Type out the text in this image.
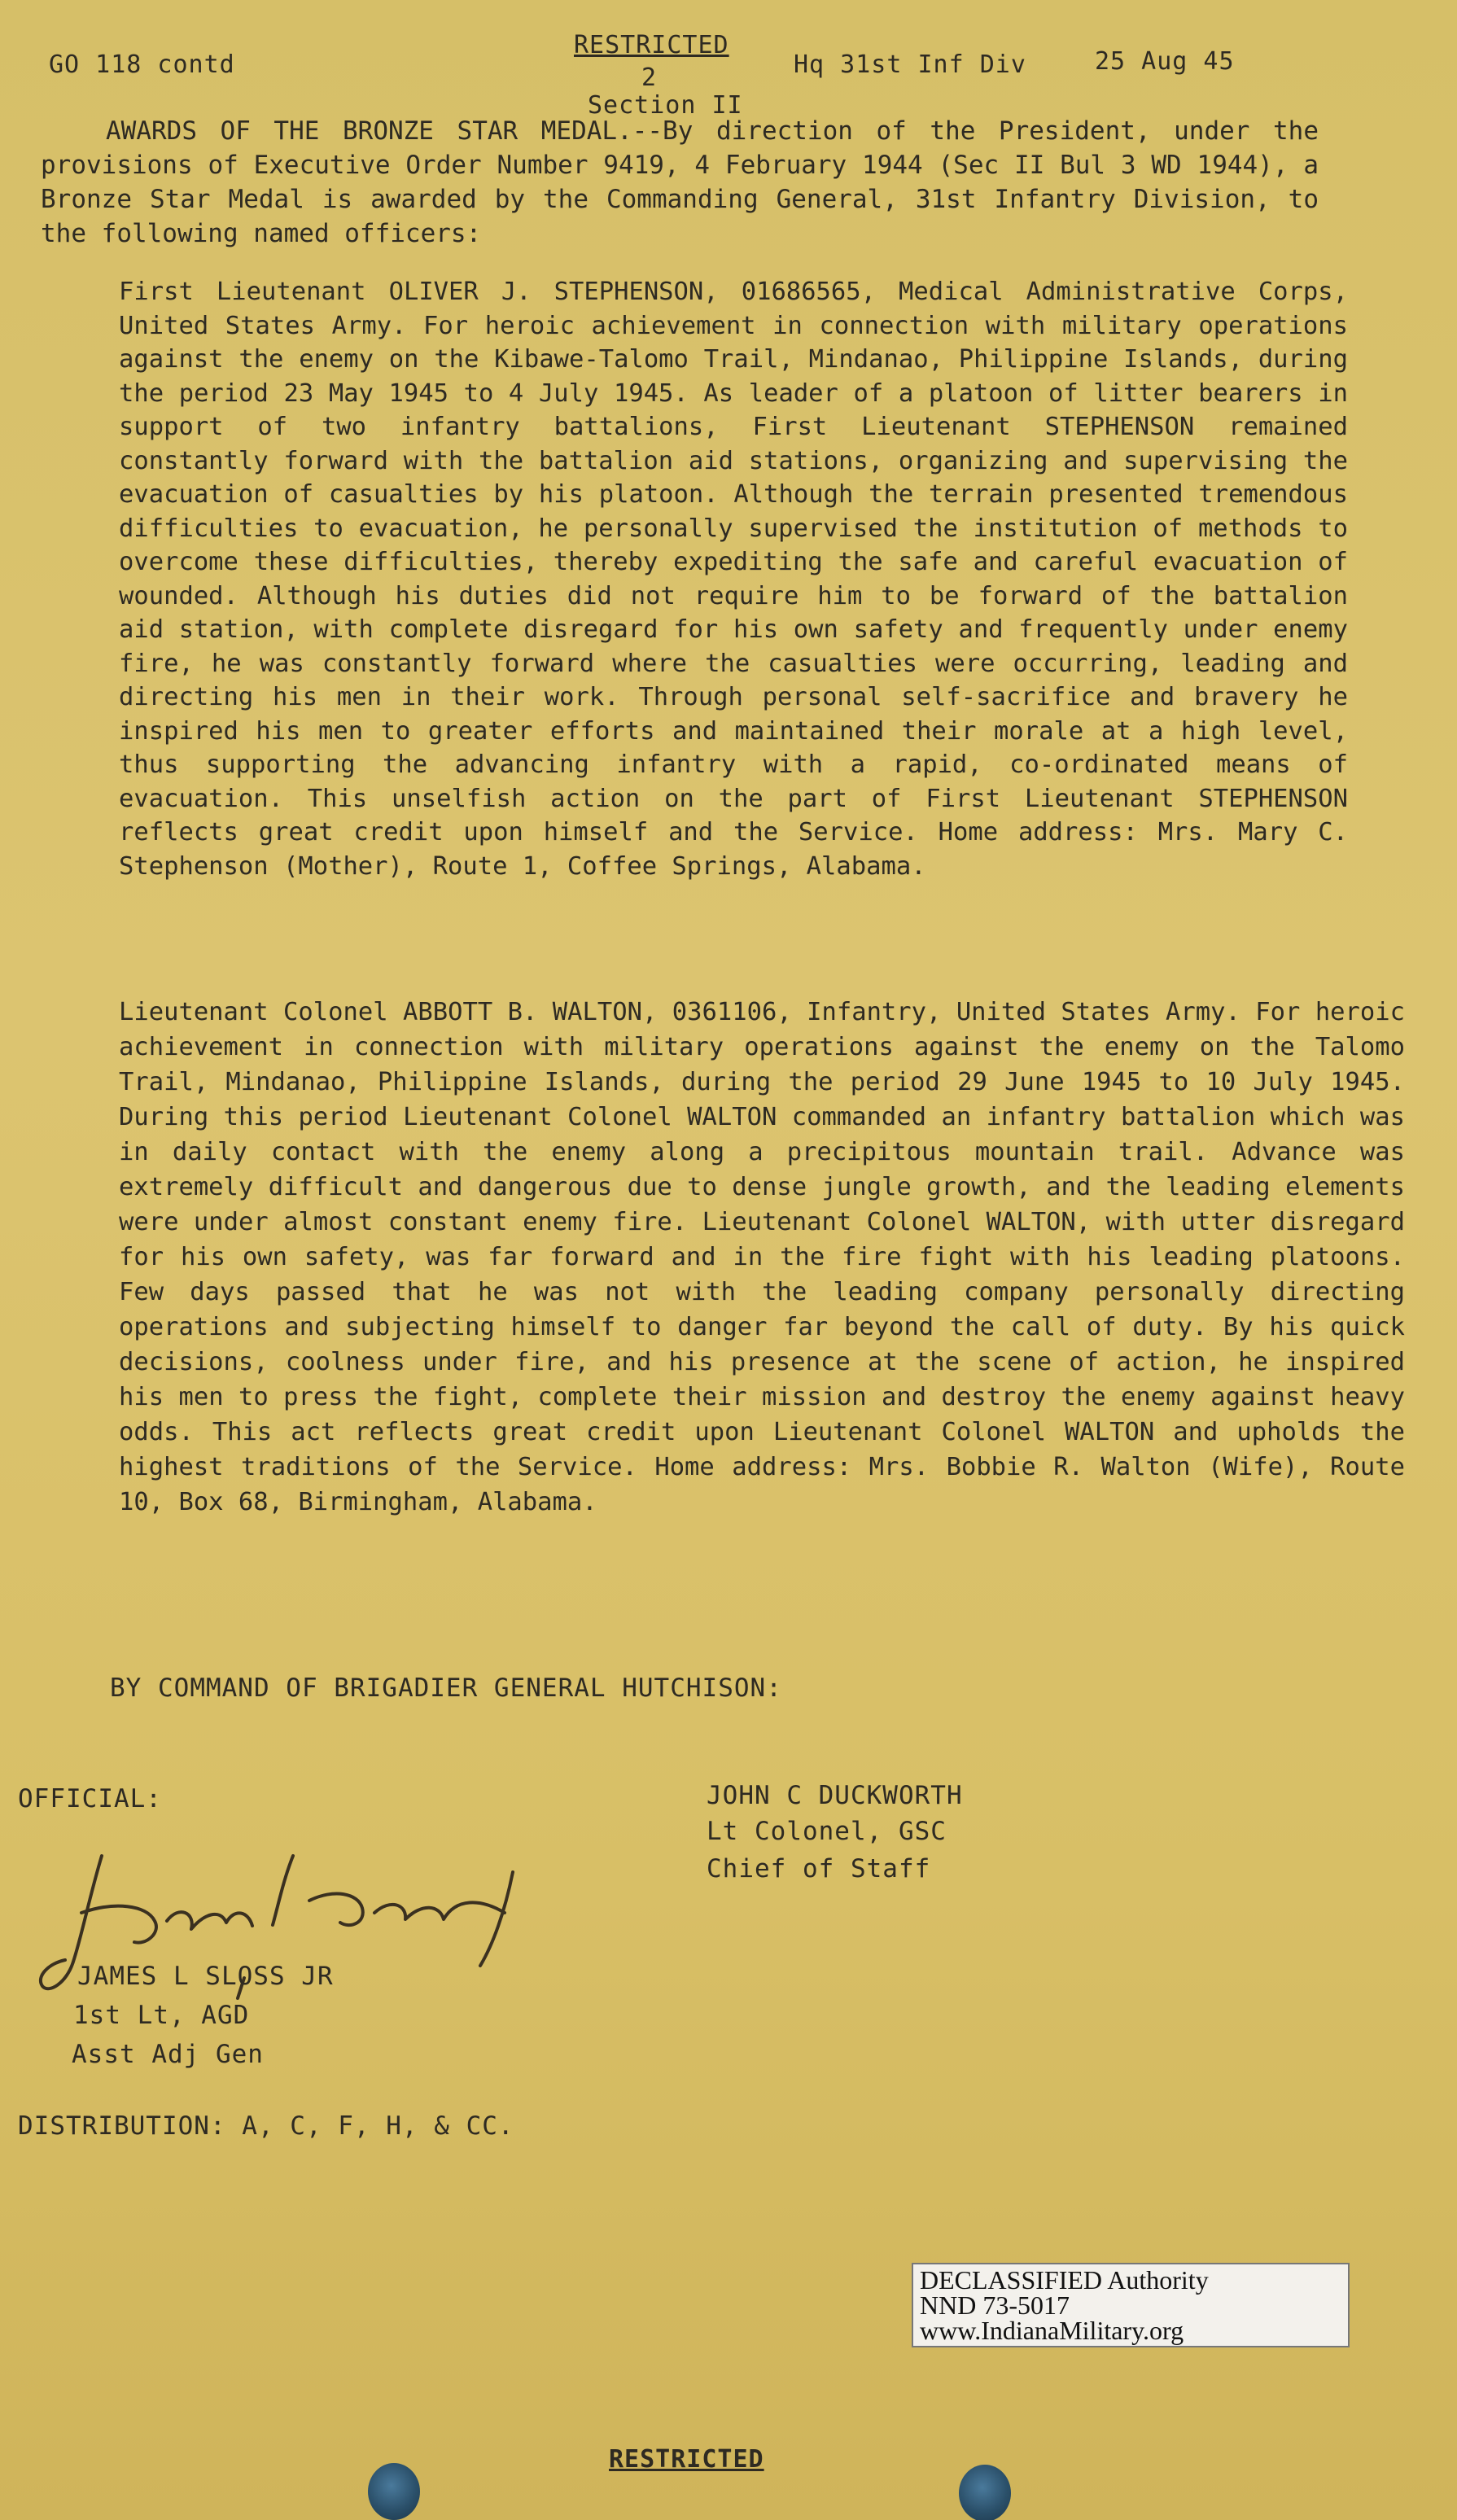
GO 118 contd
RESTRICTED
2	Hq 31st Inf Div	25 Aug 45
Section II

AWARDS OF THE BRONZE STAR MEDAL.--By direction of the President, under the provisions of Executive Order Number 9419, 4 February 1944 (Sec II Bul 3 WD 1944), a Bronze Star Medal is awarded by the Commanding General, 31st Infantry Division, to the following named officers:

First Lieutenant OLIVER J. STEPHENSON, 01686565, Medical Administrative Corps, United States Army. For heroic achievement in connection with military operations against the enemy on the Kibawe-Talomo Trail, Mindanao, Philippine Islands, during the period 23 May 1945 to 4 July 1945. As leader of a platoon of litter bearers in support of two infantry battalions, First Lieutenant STEPHENSON remained constantly forward with the battalion aid stations, organizing and supervising the evacuation of casualties by his platoon. Although the terrain presented tremendous difficulties to evacuation, he personally supervised the institution of methods to overcome these difficulties, thereby expediting the safe and careful evacuation of wounded. Although his duties did not require him to be forward of the battalion aid station, with complete disregard for his own safety and frequently under enemy fire, he was constantly forward where the casualties were occurring, leading and directing his men in their work. Through personal self-sacrifice and bravery he inspired his men to greater efforts and maintained their morale at a high level, thus supporting the advancing infantry with a rapid, co-ordinated means of evacuation. This unselfish action on the part of First Lieutenant STEPHENSON reflects great credit upon himself and the Service. Home address: Mrs. Mary C. Stephenson (Mother), Route 1, Coffee Springs, Alabama.

Lieutenant Colonel ABBOTT B. WALTON, 0361106, Infantry, United States Army. For heroic achievement in connection with military operations against the enemy on the Talomo Trail, Mindanao, Philippine Islands, during the period 29 June 1945 to 10 July 1945. During this period Lieutenant Colonel WALTON commanded an infantry battalion which was in daily contact with the enemy along a precipitous mountain trail. Advance was extremely difficult and dangerous due to dense jungle growth, and the leading elements were under almost constant enemy fire. Lieutenant Colonel WALTON, with utter disregard for his own safety, was far forward and in the fire fight with his leading platoons. Few days passed that he was not with the leading company personally directing operations and subjecting himself to danger far beyond the call of duty. By his quick decisions, coolness under fire, and his presence at the scene of action, he inspired his men to press the fight, complete their mission and destroy the enemy against heavy odds. This act reflects great credit upon Lieutenant Colonel WALTON and upholds the highest traditions of the Service. Home address: Mrs. Bobbie R. Walton (Wife), Route 10, Box 68, Birmingham, Alabama.

BY COMMAND OF BRIGADIER GENERAL HUTCHISON:
OFFICIAL:
JAMES L SLOSS JR
1st Lt, AGD
Asst Adj Gen
JOHN C DUCKWORTH
Lt Colonel, GSC
Chief of Staff
DISTRIBUTION: A, C, F, H, & CC.
DECLASSIFIED Authority
NND 73-5017
www.IndianaMilitary.org
RESTRICTED
